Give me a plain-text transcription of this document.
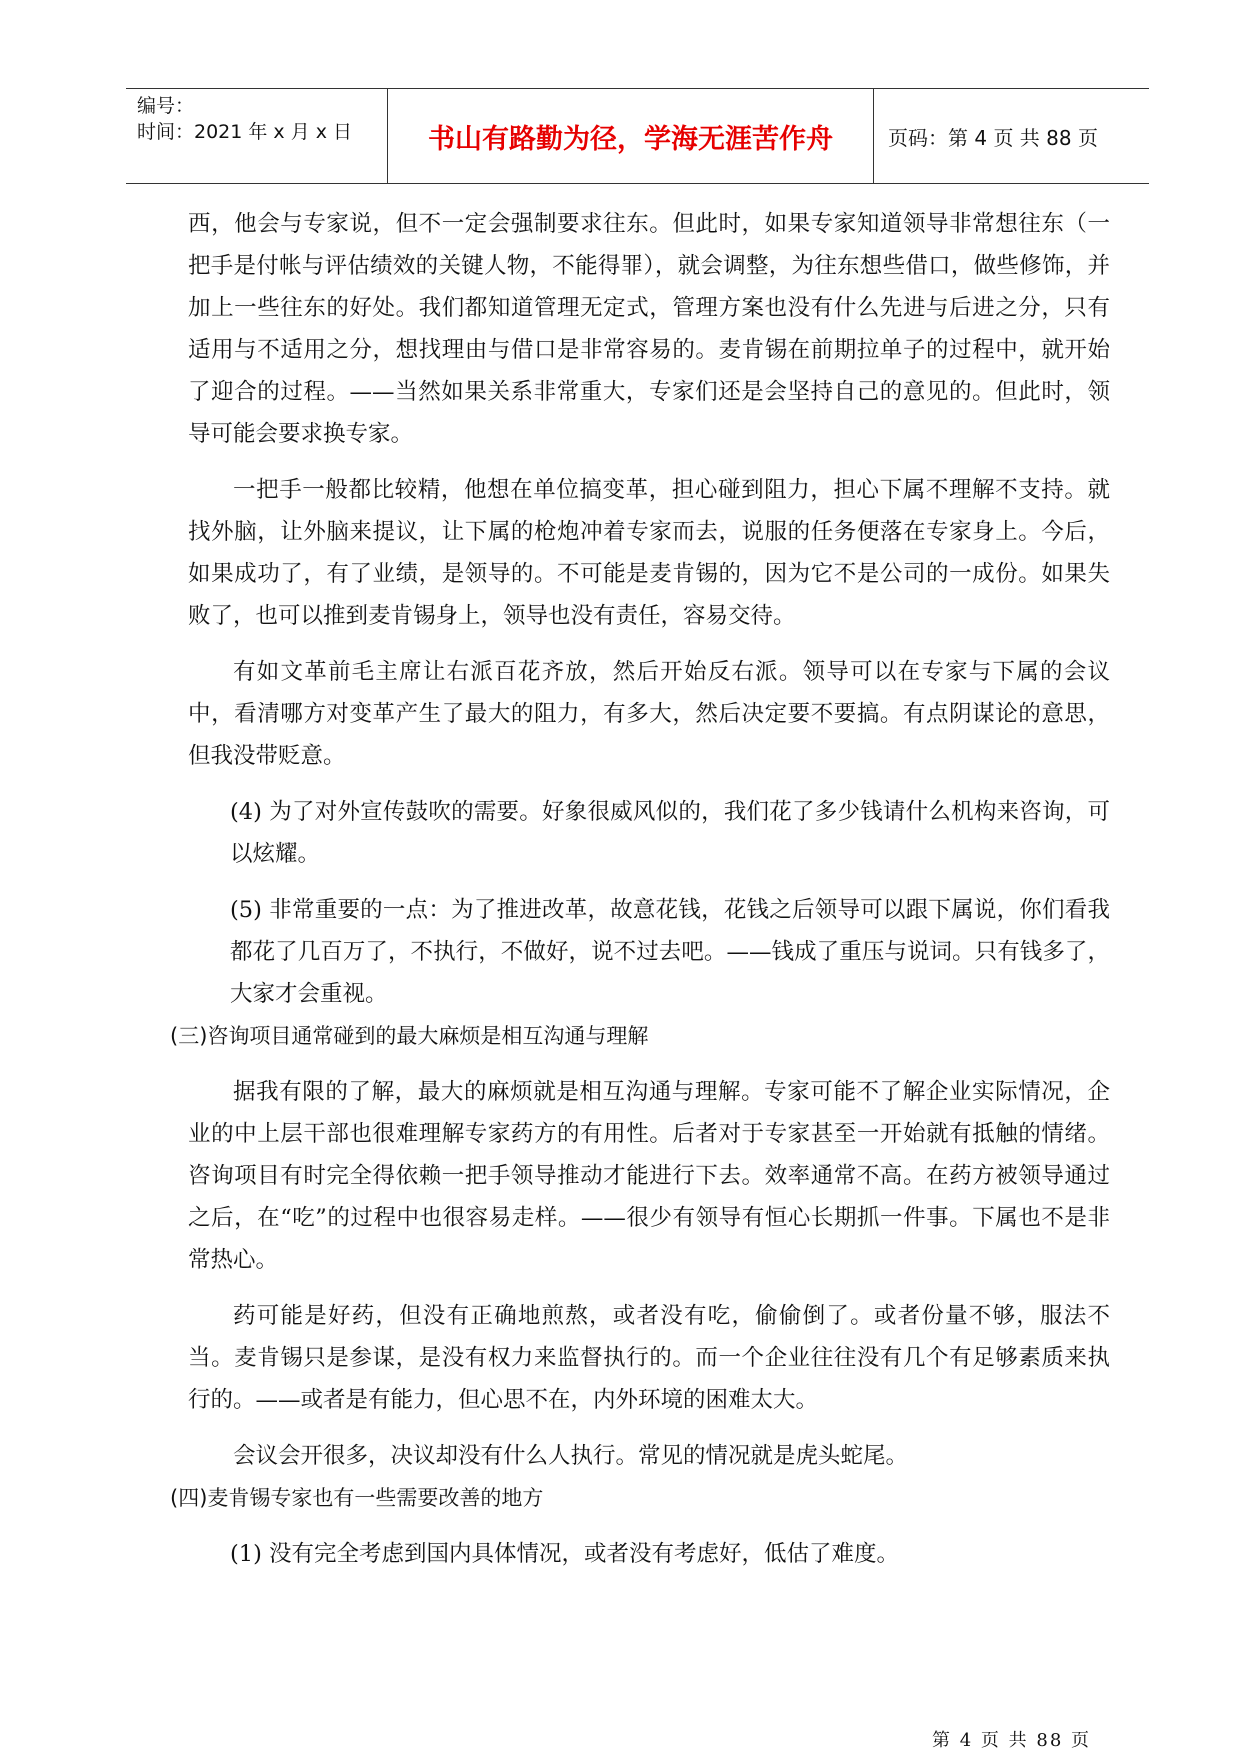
编号：
时间：2021 年 x 月 x 日	书山有路勤为径，学海无涯苦作舟	页码：第 4 页 共 88 页

西，他会与专家说，但不一定会强制要求往东。但此时，如果专家知道领导非常想往东（一把手是付帐与评估绩效的关键人物，不能得罪），就会调整，为往东想些借口，做些修饰，并加上一些往东的好处。我们都知道管理无定式，管理方案也没有什么先进与后进之分，只有适用与不适用之分，想找理由与借口是非常容易的。麦肯锡在前期拉单子的过程中，就开始了迎合的过程。——当然如果关系非常重大，专家们还是会坚持自己的意见的。但此时，领导可能会要求换专家。

一把手一般都比较精，他想在单位搞变革，担心碰到阻力，担心下属不理解不支持。就找外脑，让外脑来提议，让下属的枪炮冲着专家而去，说服的任务便落在专家身上。今后，如果成功了，有了业绩，是领导的。不可能是麦肯锡的，因为它不是公司的一成份。如果失败了，也可以推到麦肯锡身上，领导也没有责任，容易交待。

有如文革前毛主席让右派百花齐放，然后开始反右派。领导可以在专家与下属的会议中，看清哪方对变革产生了最大的阻力，有多大，然后决定要不要搞。有点阴谋论的意思，但我没带贬意。

(4) 为了对外宣传鼓吹的需要。好象很威风似的，我们花了多少钱请什么机构来咨询，可以炫耀。

(5) 非常重要的一点：为了推进改革，故意花钱，花钱之后领导可以跟下属说，你们看我都花了几百万了，不执行，不做好，说不过去吧。——钱成了重压与说词。只有钱多了，大家才会重视。

(三)咨询项目通常碰到的最大麻烦是相互沟通与理解

据我有限的了解，最大的麻烦就是相互沟通与理解。专家可能不了解企业实际情况，企业的中上层干部也很难理解专家药方的有用性。后者对于专家甚至一开始就有抵触的情绪。咨询项目有时完全得依赖一把手领导推动才能进行下去。效率通常不高。在药方被领导通过之后，在“吃”的过程中也很容易走样。——很少有领导有恒心长期抓一件事。下属也不是非常热心。

药可能是好药，但没有正确地煎熬，或者没有吃，偷偷倒了。或者份量不够，服法不当。麦肯锡只是参谋，是没有权力来监督执行的。而一个企业往往没有几个有足够素质来执行的。——或者是有能力，但心思不在，内外环境的困难太大。

会议会开很多，决议却没有什么人执行。常见的情况就是虎头蛇尾。

(四)麦肯锡专家也有一些需要改善的地方

(1) 没有完全考虑到国内具体情况，或者没有考虑好，低估了难度。

第 4 页 共 88 页
